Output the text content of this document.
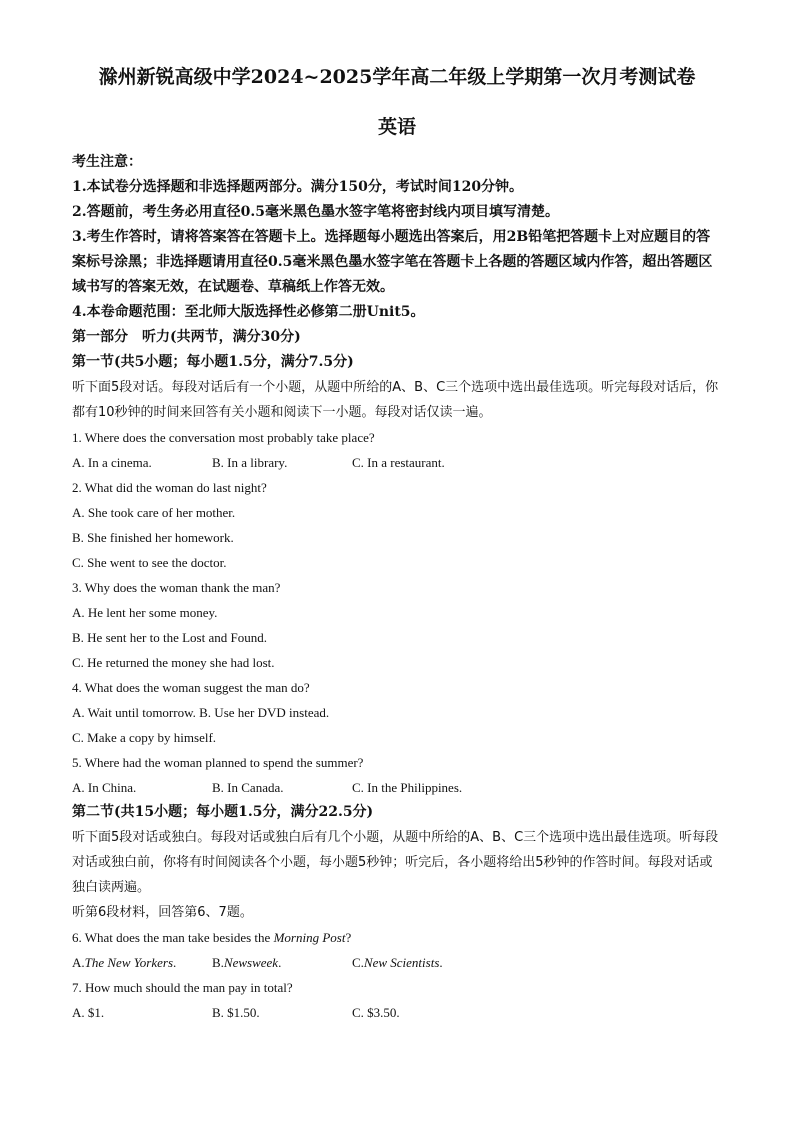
滁州新锐高级中学2024~2025学年高二年级上学期第一次月考测试卷
英语

考生注意：

1.本试卷分选择题和非选择题两部分。满分150分，考试时间120分钟。

2.答题前，考生务必用直径0.5毫米黑色墨水签字笔将密封线内项目填写清楚。

3.考生作答时，请将答案答在答题卡上。选择题每小题选出答案后，用2B铅笔把答题卡上对应题目的答案标号涂黑；非选择题请用直径0.5毫米黑色墨水签字笔在答题卡上各题的答题区域内作答，超出答题区域书写的答案无效，在试题卷、草稿纸上作答无效。

4.本卷命题范围：至北师大版选择性必修第二册Unit5。

第一部分　听力(共两节，满分30分)

第一节(共5小题；每小题1.5分，满分7.5分)

听下面5段对话。每段对话后有一个小题，从题中所给的A、B、C三个选项中选出最佳选项。听完每段对话后，你都有10秒钟的时间来回答有关小题和阅读下一小题。每段对话仅读一遍。

1. Where does the conversation most probably take place?

A. In a cinema.	B. In a library.	C. In a restaurant.

2. What did the woman do last night?

A. She took care of her mother.

B. She finished her homework.

C. She went to see the doctor.

3. Why does the woman thank the man?

A. He lent her some money.

B. He sent her to the Lost and Found.

C. He returned the money she had lost.

4. What does the woman suggest the man do?

A. Wait until tomorrow. B. Use her DVD instead.

C. Make a copy by himself.

5. Where had the woman planned to spend the summer?

A. In China.	B. In Canada.	C. In the Philippines.

第二节(共15小题；每小题1.5分，满分22.5分)

听下面5段对话或独白。每段对话或独白后有几个小题，从题中所给的A、B、C三个选项中选出最佳选项。听每段对话或独白前，你将有时间阅读各个小题，每小题5秒钟；听完后，各小题将给出5秒钟的作答时间。每段对话或独白读两遍。

听第6段材料，回答第6、7题。

6. What does the man take besides the Morning Post?

A.The New Yorkers.	B.Newsweek.	C.New Scientists.

7. How much should the man pay in total?

A. $1.	B. $1.50.	C. $3.50.
